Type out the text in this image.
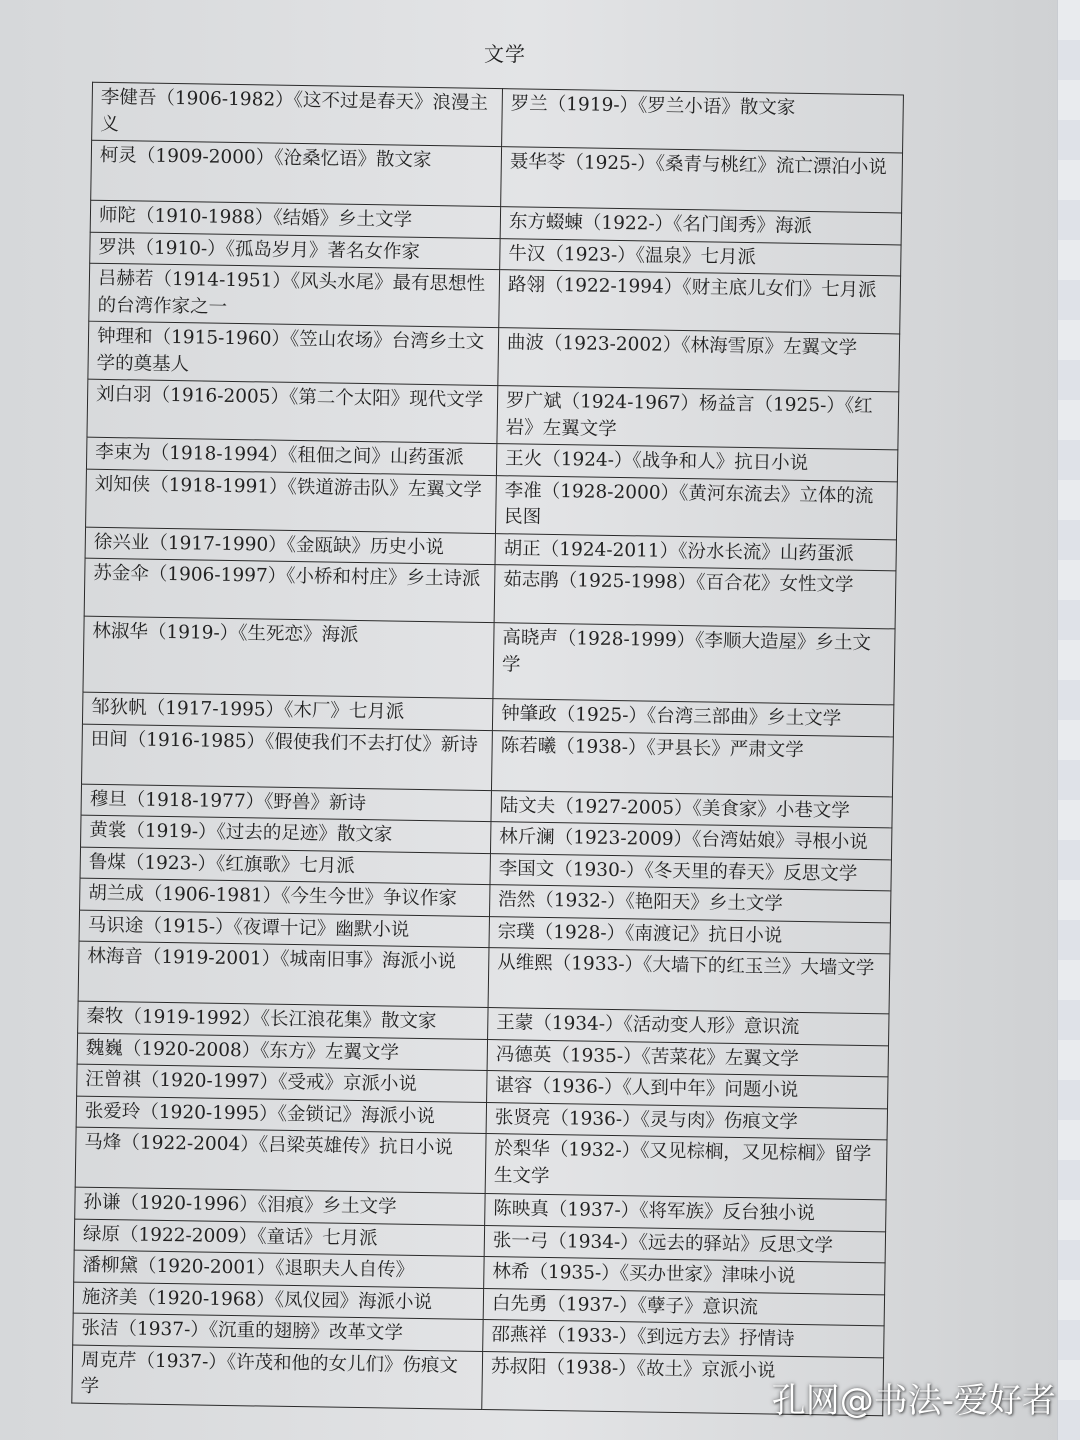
文学
李健吾（1906-1982）《这不过是春天》浪漫主义	罗兰（1919-）《罗兰小语》散文家
柯灵（1909-2000）《沧桑忆语》散文家	聂华苓（1925-）《桑青与桃红》流亡漂泊小说
师陀（1910-1988）《结婚》乡土文学	东方蝃蝀（1922-）《名门闺秀》海派
罗洪（1910-）《孤岛岁月》著名女作家	牛汉（1923-）《温泉》七月派
吕赫若（1914-1951）《风头水尾》最有思想性的台湾作家之一	路翎（1922-1994）《财主底儿女们》七月派
钟理和（1915-1960）《笠山农场》台湾乡土文学的奠基人	曲波（1923-2002）《林海雪原》左翼文学
刘白羽（1916-2005）《第二个太阳》现代文学	罗广斌（1924-1967）杨益言（1925-）《红岩》左翼文学
李束为（1918-1994）《租佃之间》山药蛋派	王火（1924-）《战争和人》抗日小说
刘知侠（1918-1991）《铁道游击队》左翼文学	李准（1928-2000）《黄河东流去》立体的流民图
徐兴业（1917-1990）《金瓯缺》历史小说	胡正（1924-2011）《汾水长流》山药蛋派
苏金伞（1906-1997）《小桥和村庄》乡土诗派	茹志鹃（1925-1998）《百合花》女性文学
林淑华（1919-）《生死恋》海派	高晓声（1928-1999）《李顺大造屋》乡土文学
邹狄帆（1917-1995）《木厂》七月派	钟肇政（1925-）《台湾三部曲》乡土文学
田间（1916-1985）《假使我们不去打仗》新诗	陈若曦（1938-）《尹县长》严肃文学
穆旦（1918-1977）《野兽》新诗	陆文夫（1927-2005）《美食家》小巷文学
黄裳（1919-）《过去的足迹》散文家	林斤澜（1923-2009）《台湾姑娘》寻根小说
鲁煤（1923-）《红旗歌》七月派	李国文（1930-）《冬天里的春天》反思文学
胡兰成（1906-1981）《今生今世》争议作家	浩然（1932-）《艳阳天》乡土文学
马识途（1915-）《夜谭十记》幽默小说	宗璞（1928-）《南渡记》抗日小说
林海音（1919-2001）《城南旧事》海派小说	从维熙（1933-）《大墙下的红玉兰》大墙文学
秦牧（1919-1992）《长江浪花集》散文家	王蒙（1934-）《活动变人形》意识流
魏巍（1920-2008）《东方》左翼文学	冯德英（1935-）《苦菜花》左翼文学
汪曾祺（1920-1997）《受戒》京派小说	谌容（1936-）《人到中年》问题小说
张爱玲（1920-1995）《金锁记》海派小说	张贤亮（1936-）《灵与肉》伤痕文学
马烽（1922-2004）《吕梁英雄传》抗日小说	於梨华（1932-）《又见棕榈，又见棕榈》留学生文学
孙谦（1920-1996）《泪痕》乡土文学	陈映真（1937-）《将军族》反台独小说
绿原（1922-2009）《童话》七月派	张一弓（1934-）《远去的驿站》反思文学
潘柳黛（1920-2001）《退职夫人自传》	林希（1935-）《买办世家》津味小说
施济美（1920-1968）《凤仪园》海派小说	白先勇（1937-）《孽子》意识流
张洁（1937-）《沉重的翅膀》改革文学	邵燕祥（1933-）《到远方去》抒情诗
周克芹（1937-）《许茂和他的女儿们》伤痕文学	苏叔阳（1938-）《故土》京派小说
孔网@书法-爱好者
